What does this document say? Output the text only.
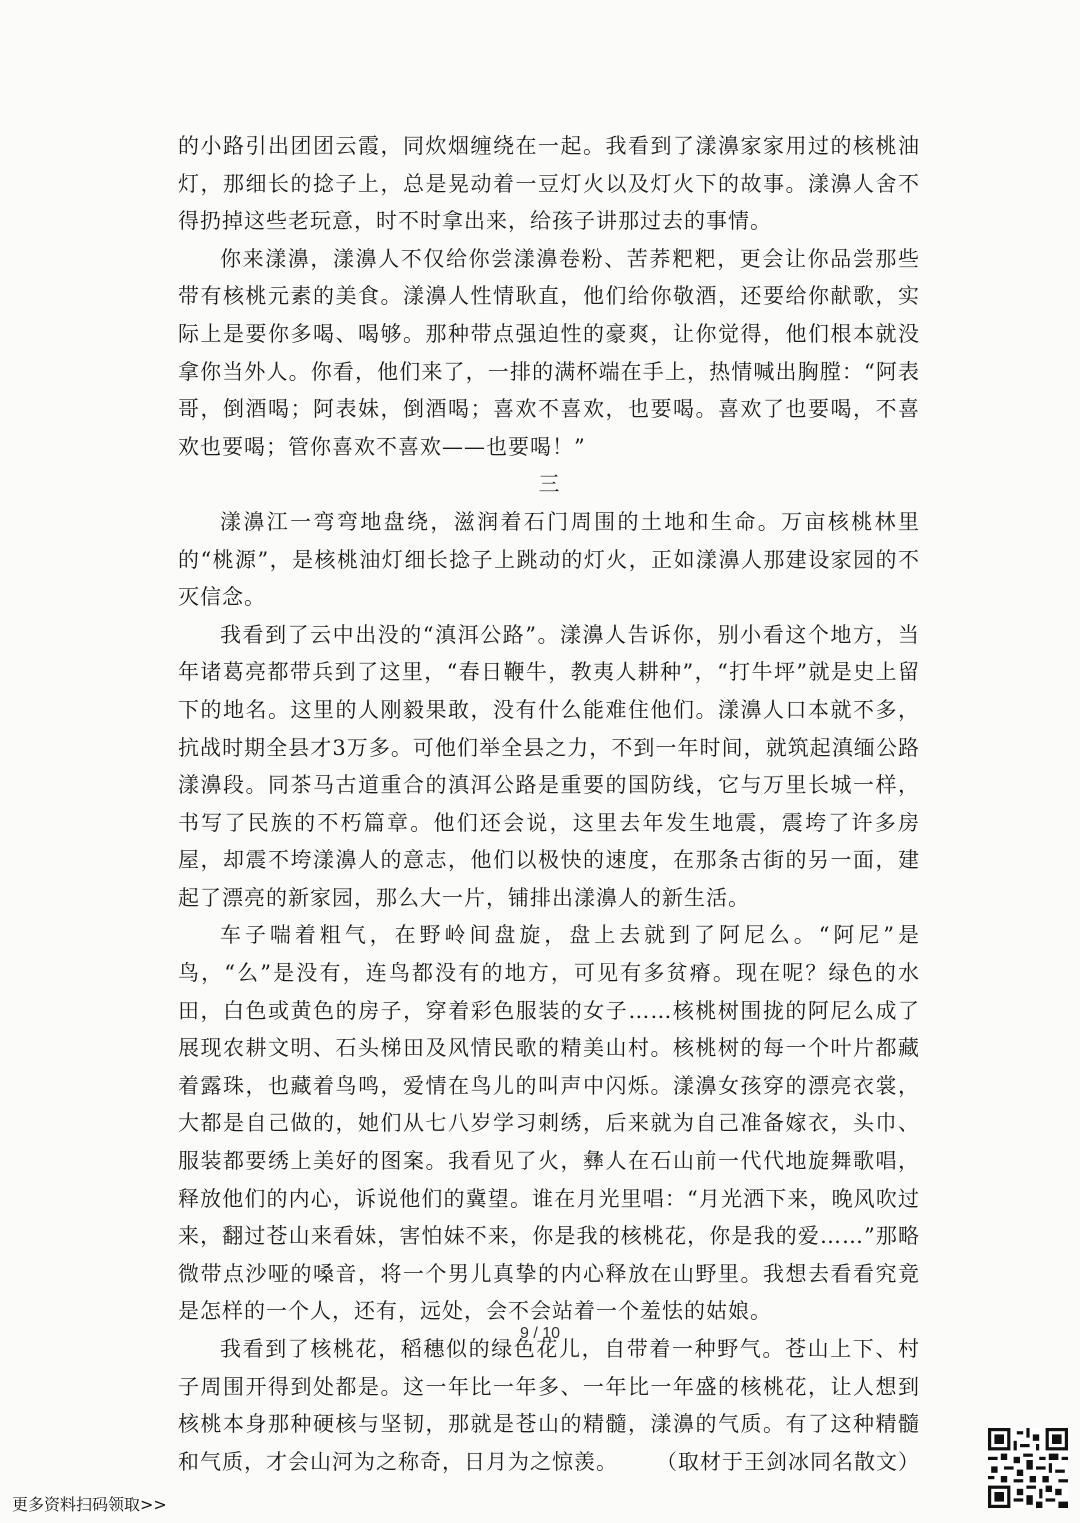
的小路引出团团云霞，同炊烟缠绕在一起。我看到了漾濞家家用过的核桃油灯，那细长的捻子上，总是晃动着一豆灯火以及灯火下的故事。漾濞人舍不得扔掉这些老玩意，时不时拿出来，给孩子讲那过去的事情。

你来漾濞，漾濞人不仅给你尝漾濞卷粉、苦荞粑粑，更会让你品尝那些带有核桃元素的美食。漾濞人性情耿直，他们给你敬酒，还要给你献歌，实际上是要你多喝、喝够。那种带点强迫性的豪爽，让你觉得，他们根本就没拿你当外人。你看，他们来了，一排的满杯端在手上，热情喊出胸膛：“阿表哥，倒酒喝；阿表妹，倒酒喝；喜欢不喜欢，也要喝。喜欢了也要喝，不喜欢也要喝；管你喜欢不喜欢——也要喝！”

三

漾濞江一弯弯地盘绕，滋润着石门周围的土地和生命。万亩核桃林里的“桃源”，是核桃油灯细长捻子上跳动的灯火，正如漾濞人那建设家园的不灭信念。

我看到了云中出没的“滇洱公路”。漾濞人告诉你，别小看这个地方，当年诸葛亮都带兵到了这里，“春日鞭牛，教夷人耕种”，“打牛坪”就是史上留下的地名。这里的人刚毅果敢，没有什么能难住他们。漾濞人口本就不多，抗战时期全县才3万多。可他们举全县之力，不到一年时间，就筑起滇缅公路漾濞段。同茶马古道重合的滇洱公路是重要的国防线，它与万里长城一样，书写了民族的不朽篇章。他们还会说，这里去年发生地震，震垮了许多房屋，却震不垮漾濞人的意志，他们以极快的速度，在那条古街的另一面，建起了漂亮的新家园，那么大一片，铺排出漾濞人的新生活。

车子喘着粗气，在野岭间盘旋，盘上去就到了阿尼么。“阿尼”是鸟，“么”是没有，连鸟都没有的地方，可见有多贫瘠。现在呢？绿色的水田，白色或黄色的房子，穿着彩色服装的女子……核桃树围拢的阿尼么成了展现农耕文明、石头梯田及风情民歌的精美山村。核桃树的每一个叶片都藏着露珠，也藏着鸟鸣，爱情在鸟儿的叫声中闪烁。漾濞女孩穿的漂亮衣裳，大都是自己做的，她们从七八岁学习刺绣，后来就为自己准备嫁衣，头巾、服装都要绣上美好的图案。我看见了火，彝人在石山前一代代地旋舞歌唱，释放他们的内心，诉说他们的冀望。谁在月光里唱：“月光洒下来，晚风吹过来，翻过苍山来看妹，害怕妹不来，你是我的核桃花，你是我的爱……”那略微带点沙哑的嗓音，将一个男儿真挚的内心释放在山野里。我想去看看究竟是怎样的一个人，还有，远处，会不会站着一个羞怯的姑娘。

我看到了核桃花，稻穗似的绿色花儿，自带着一种野气。苍山上下、村子周围开得到处都是。这一年比一年多、一年比一年盛的核桃花，让人想到核桃本身那种硬核与坚韧，那就是苍山的精髓，漾濞的气质。有了这种精髓和气质，才会山河为之称奇，日月为之惊羡。	（取材于王剑冰同名散文）

9 / 10
更多资料扫码领取>>
